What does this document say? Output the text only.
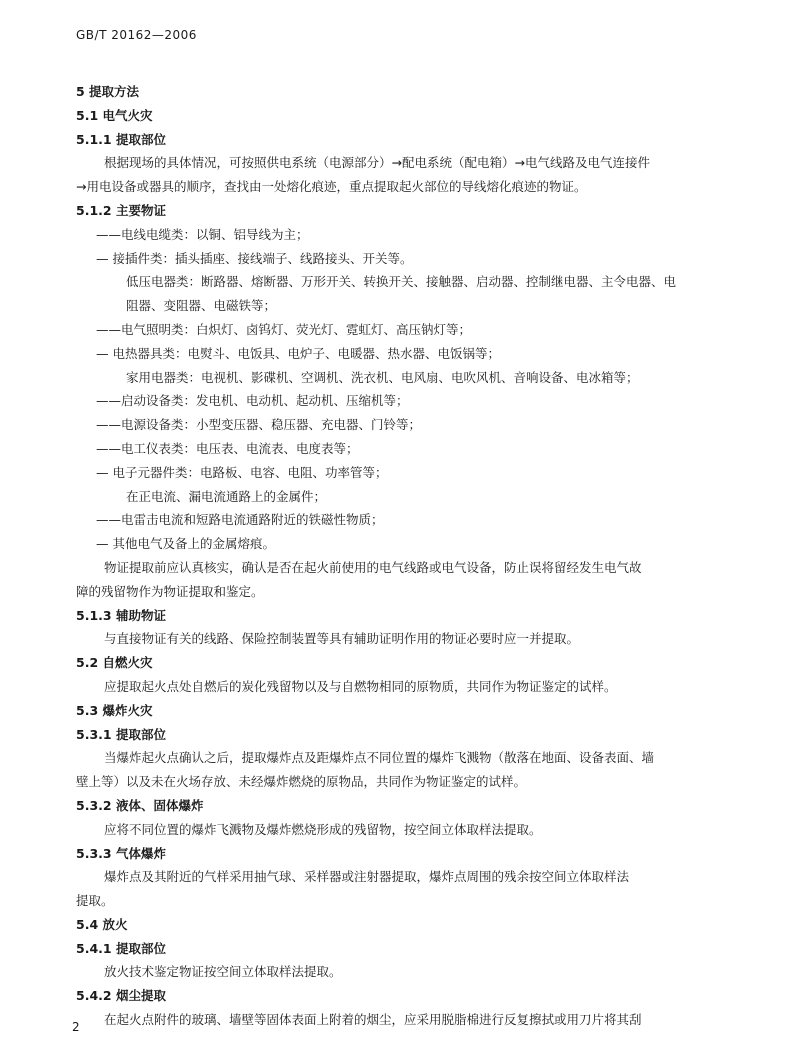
GB/T 20162—2006
5 提取方法
5.1 电气火灾
5.1.1 提取部位
根据现场的具体情况，可按照供电系统（电源部分）→配电系统（配电箱）→电气线路及电气连接件
→用电设备或器具的顺序，查找由一处熔化痕迹，重点提取起火部位的导线熔化痕迹的物证。
5.1.2 主要物证
——电线电缆类：以铜、铝导线为主；
— 接插件类：插头插座、接线端子、线路接头、开关等。
低压电器类：断路器、熔断器、万形开关、转换开关、接触器、启动器、控制继电器、主令电器、电
阻器、变阻器、电磁铁等；
——电气照明类：白炽灯、卤钨灯、荧光灯、霓虹灯、高压钠灯等；
— 电热器具类：电熨斗、电饭具、电炉子、电暖器、热水器、电饭锅等；
家用电器类：电视机、影碟机、空调机、洗衣机、电风扇、电吹风机、音响设备、电冰箱等；
——启动设备类：发电机、电动机、起动机、压缩机等；
——电源设备类：小型变压器、稳压器、充电器、门铃等；
——电工仪表类：电压表、电流表、电度表等；
— 电子元器件类：电路板、电容、电阻、功率管等；
在正电流、漏电流通路上的金属件；
——电雷击电流和短路电流通路附近的铁磁性物质；
— 其他电气及备上的金属熔痕。
物证提取前应认真核实，确认是否在起火前使用的电气线路或电气设备，防止误将留经发生电气故
障的残留物作为物证提取和鉴定。
5.1.3 辅助物证
与直接物证有关的线路、保险控制装置等具有辅助证明作用的物证必要时应一并提取。
5.2 自燃火灾
应提取起火点处自燃后的炭化残留物以及与自燃物相同的原物质，共同作为物证鉴定的试样。
5.3 爆炸火灾
5.3.1 提取部位
当爆炸起火点确认之后，提取爆炸点及距爆炸点不同位置的爆炸飞溅物（散落在地面、设备表面、墙
壁上等）以及未在火场存放、未经爆炸燃烧的原物品，共同作为物证鉴定的试样。
5.3.2 液体、固体爆炸
应将不同位置的爆炸飞溅物及爆炸燃烧形成的残留物，按空间立体取样法提取。
5.3.3 气体爆炸
爆炸点及其附近的气样采用抽气球、采样器或注射器提取，爆炸点周围的残余按空间立体取样法
提取。
5.4 放火
5.4.1 提取部位
放火技术鉴定物证按空间立体取样法提取。
5.4.2 烟尘提取
在起火点附件的玻璃、墙壁等固体表面上附着的烟尘，应采用脱脂棉进行反复擦拭或用刀片将其刮
2
